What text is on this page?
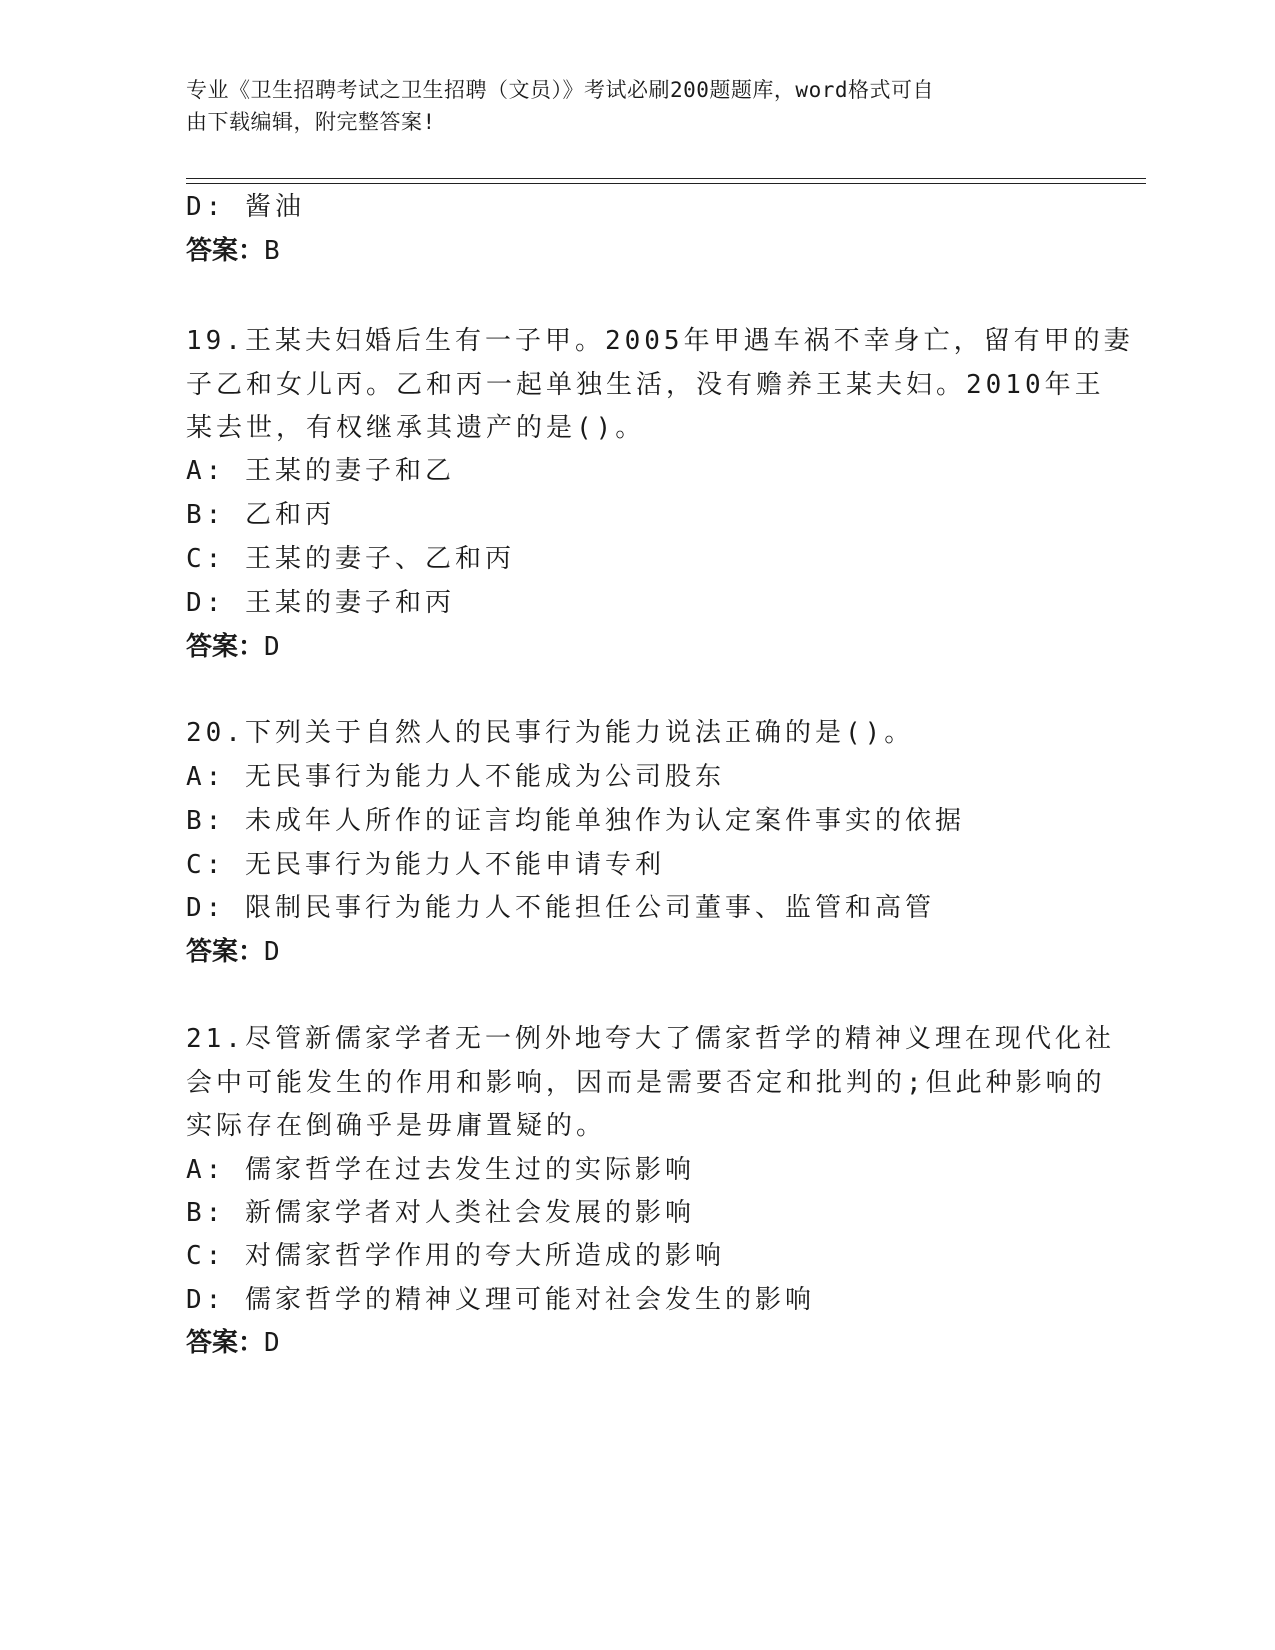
专业《卫生招聘考试之卫生招聘（文员）》考试必刷200题题库，word格式可自
由下载编辑，附完整答案!
D: 酱油
答案：B
19.王某夫妇婚后生有一子甲。2005年甲遇车祸不幸身亡，留有甲的妻
子乙和女儿丙。乙和丙一起单独生活，没有赡养王某夫妇。2010年王
某去世，有权继承其遗产的是()。
A: 王某的妻子和乙
B: 乙和丙
C: 王某的妻子、乙和丙
D: 王某的妻子和丙
答案：D
20.下列关于自然人的民事行为能力说法正确的是()。
A: 无民事行为能力人不能成为公司股东
B: 未成年人所作的证言均能单独作为认定案件事实的依据
C: 无民事行为能力人不能申请专利
D: 限制民事行为能力人不能担任公司董事、监管和高管
答案：D
21.尽管新儒家学者无一例外地夸大了儒家哲学的精神义理在现代化社
会中可能发生的作用和影响，因而是需要否定和批判的;但此种影响的
实际存在倒确乎是毋庸置疑的。
A: 儒家哲学在过去发生过的实际影响
B: 新儒家学者对人类社会发展的影响
C: 对儒家哲学作用的夸大所造成的影响
D: 儒家哲学的精神义理可能对社会发生的影响
答案：D
